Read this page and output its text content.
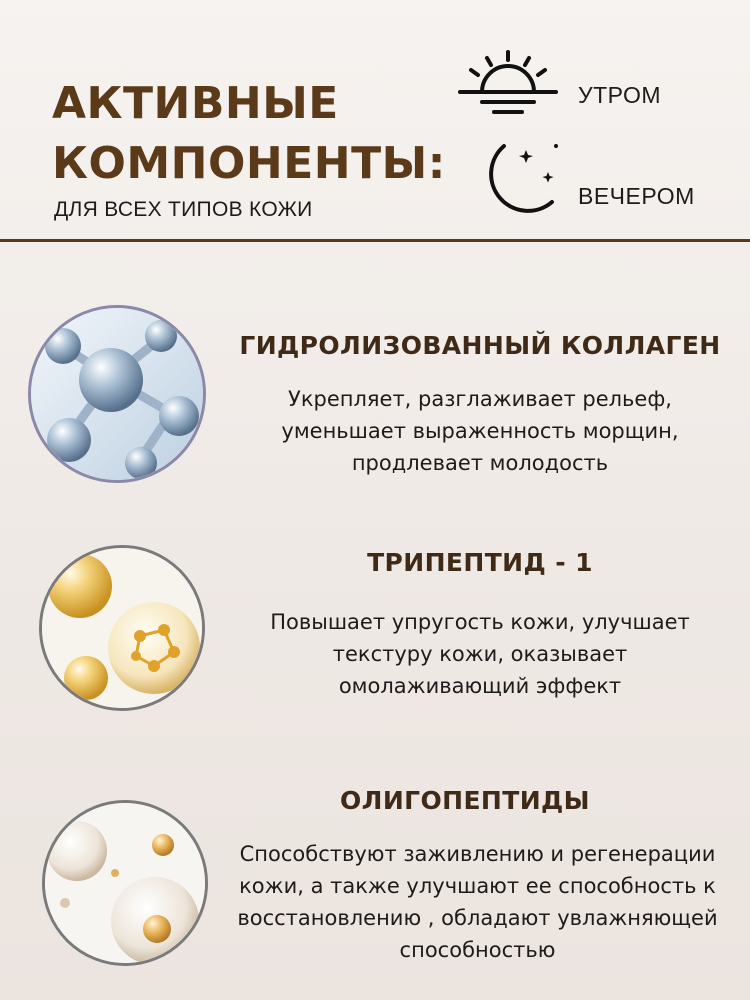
АКТИВНЫЕ
КОМПОНЕНТЫ:
ДЛЯ ВСЕХ ТИПОВ КОЖИ
УТРОМ
ВЕЧЕРОМ
ГИДРОЛИЗОВАННЫЙ КОЛЛАГЕН
Укрепляет, разглаживает рельеф,
уменьшает выраженность морщин,
продлевает молодость
ТРИПЕПТИД - 1
Повышает упругость кожи, улучшает
текстуру кожи, оказывает
омолаживающий эффект
ОЛИГОПЕПТИДЫ
Способствуют заживлению и регенерации
кожи, а также улучшают ее способность к
восстановлению , обладают увлажняющей
способностью
